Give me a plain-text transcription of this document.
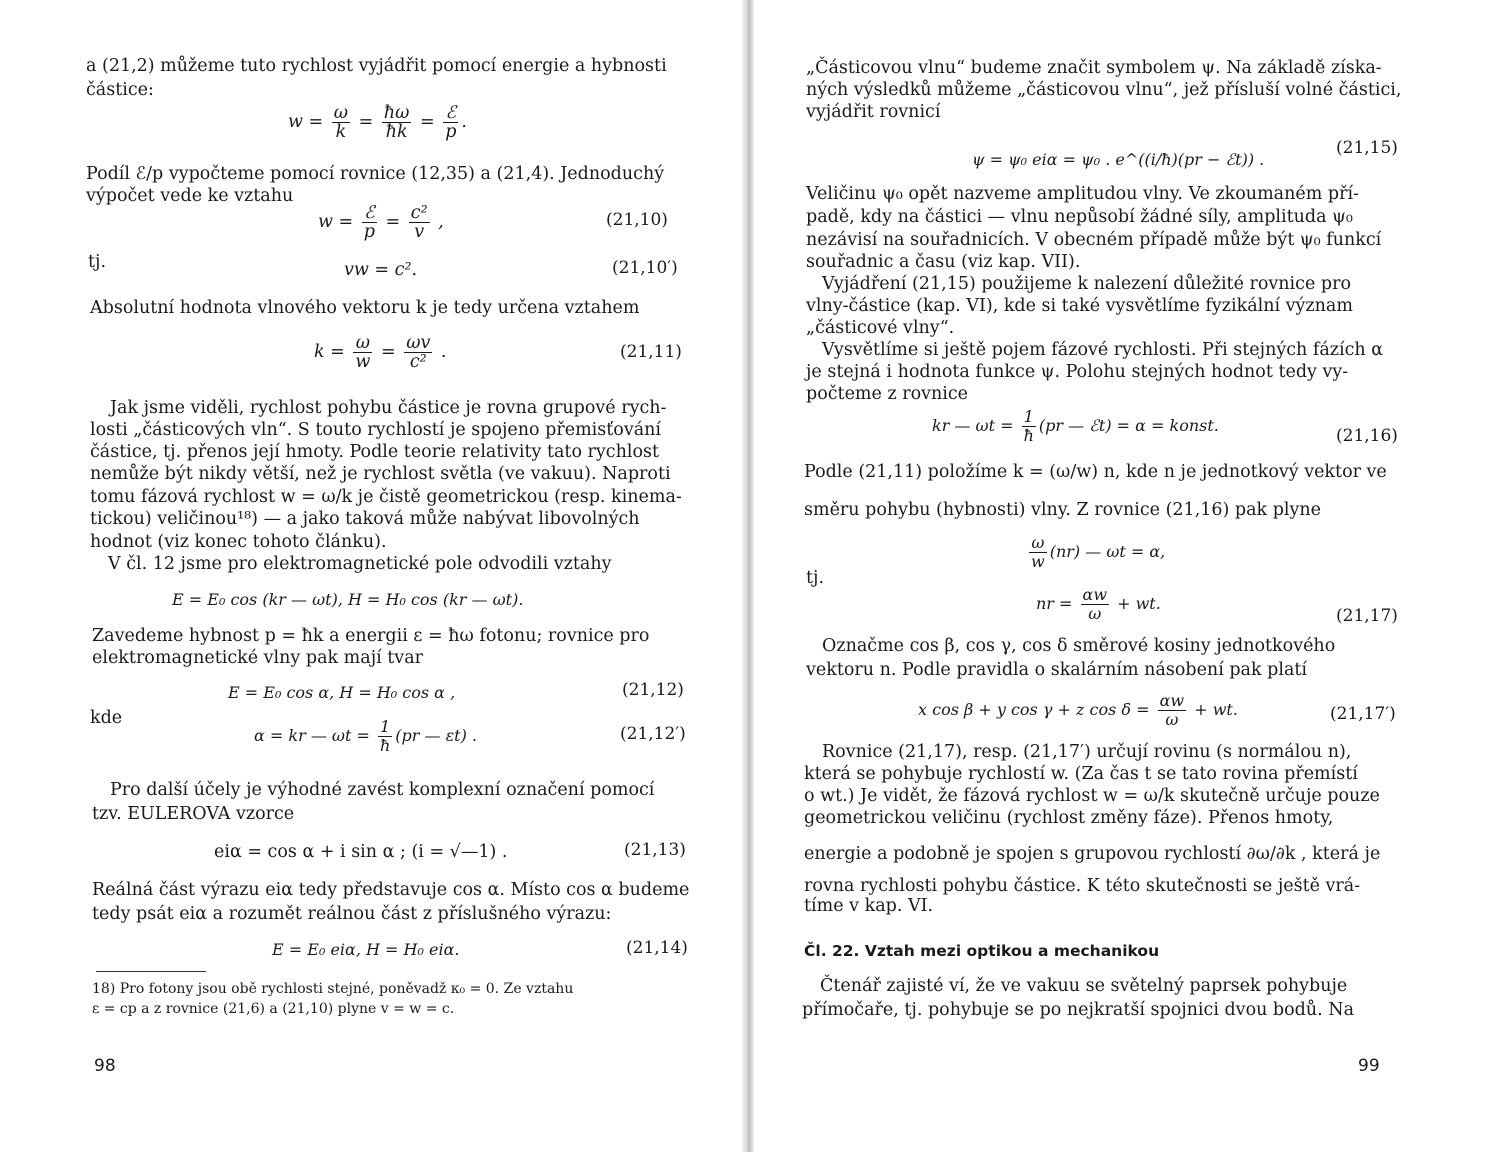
a (21,2) můžeme tuto rychlost vyjádřit pomocí energie a hybnosti
částice:
$w = \frac{\omega}{k} = \frac{ħ\omega}{ħk} = \frac{\text{ℰ}}{p}$ .
Podíl ℰ/p vypočteme pomocí rovnice (12,35) a (21,4). Jednoduchý
výpočet vede ke vztahu
$w = \frac{\text{ℰ}}{p} = \frac{\text{c²}}{v}$ ,	(21,10)
tj.	vw = c².	(21,10′)
Absolutní hodnota vlnového vektoru k je tedy určena vztahem
$k = \frac{\omega}{w} = \frac{\omega v}{\text{c²}}$ .	(21,11)
Jak jsme viděli, rychlost pohybu částice je rovna grupové rych-
losti „částicových vln“. S touto rychlostí je spojeno přemisťování
částice, tj. přenos její hmoty. Podle teorie relativity tato rychlost
nemůže být nikdy větší, než je rychlost světla (ve vakuu). Naproti
tomu fázová rychlost w = ω/k je čistě geometrickou (resp. kinema-
tickou) veličinou¹⁸) — a jako taková může nabývat libovolných
hodnot (viz konec tohoto článku).
V čl. 12 jsme pro elektromagnetické pole odvodili vztahy
E = E₀ cos (kr — ωt), H = H₀ cos (kr — ωt).
Zavedeme hybnost p = ħk a energii ε = ħω fotonu; rovnice pro
elektromagnetické vlny pak mají tvar
E = E₀ cos α, H = H₀ cos α ,	(21,12)
kde
α = kr — $\omega t = \frac{1}{ħ} (pr$ — εt) .	(21,12′)
Pro další účely je výhodné zavést komplexní označení pomocí
tzv. EULEROVA vzorce
eiα = cos α + i sin α ; (i = √—1) .	(21,13)
Reálná část výrazu eiα tedy představuje cos α. Místo cos α budeme
tedy psát eiα a rozumět reálnou část z příslušného výrazu:
E = E₀ eiα, H = H₀ eiα.	(21,14)
18) Pro fotony jsou obě rychlosti stejné, poněvadž κ₀ = 0. Ze vztahu
ε = cp a z rovnice (21,6) a (21,10) plyne v = w = c.
98
„Částicovou vlnu“ budeme značit symbolem ψ. Na základě získa-
ných výsledků můžeme „částicovou vlnu“, jež přísluší volné částici,
vyjádřit rovnicí
ψ = ψ₀ eiα = ψ₀ . e^((i/ħ)(pr − ℰt)) .
(21,15)
Veličinu ψ₀ opět nazveme amplitudou vlny. Ve zkoumaném pří-
padě, kdy na částici — vlnu nepůsobí žádné síly, amplituda ψ₀
nezávisí na souřadnicích. V obecném případě může být ψ₀ funkcí
souřadnic a času (viz kap. VII).
Vyjádření (21,15) použijeme k nalezení důležité rovnice pro
vlny-částice (kap. VI), kde si také vysvětlíme fyzikální význam
„částicové vlny“.
Vysvětlíme si ještě pojem fázové rychlosti. Při stejných fázích α
je stejná i hodnota funkce ψ. Polohu stejných hodnot tedy vy-
počteme z rovnice
kr — $\omega t = \frac{1}{ħ} (pr$ — ℰt) = α = konst.
(21,16)
Podle (21,11) položíme k = (ω/w) n, kde n je jednotkový vektor ve
směru pohybu (hybnosti) vlny. Z rovnice (21,16) pak plyne
$\frac{\omega}{w} (nr)$ — ωt = α,
tj.
nr = $\frac{\alpha w}{\omega}$ + wt.
(21,17)
Označme cos β, cos γ, cos δ směrové kosiny jednotkového
vektoru n. Podle pravidla o skalárním násobení pak platí
x cos β + y cos γ + z $\cos \delta = \frac{\alpha w}{\omega}$ + wt.	(21,17′)
Rovnice (21,17), resp. (21,17′) určují rovinu (s normálou n),
která se pohybuje rychlostí w. (Za čas t se tato rovina přemístí
o wt.) Je vidět, že fázová rychlost w = ω/k skutečně určuje pouze
geometrickou veličinu (rychlost změny fáze). Přenos hmoty,
energie a podobně je spojen s grupovou rychlostí ∂ω/∂k , která je
rovna rychlosti pohybu částice. K této skutečnosti se ještě vrá-
tíme v kap. VI.
Čl. 22. Vztah mezi optikou a mechanikou
Čtenář zajisté ví, že ve vakuu se světelný paprsek pohybuje
přímočaře, tj. pohybuje se po nejkratší spojnici dvou bodů. Na
99
